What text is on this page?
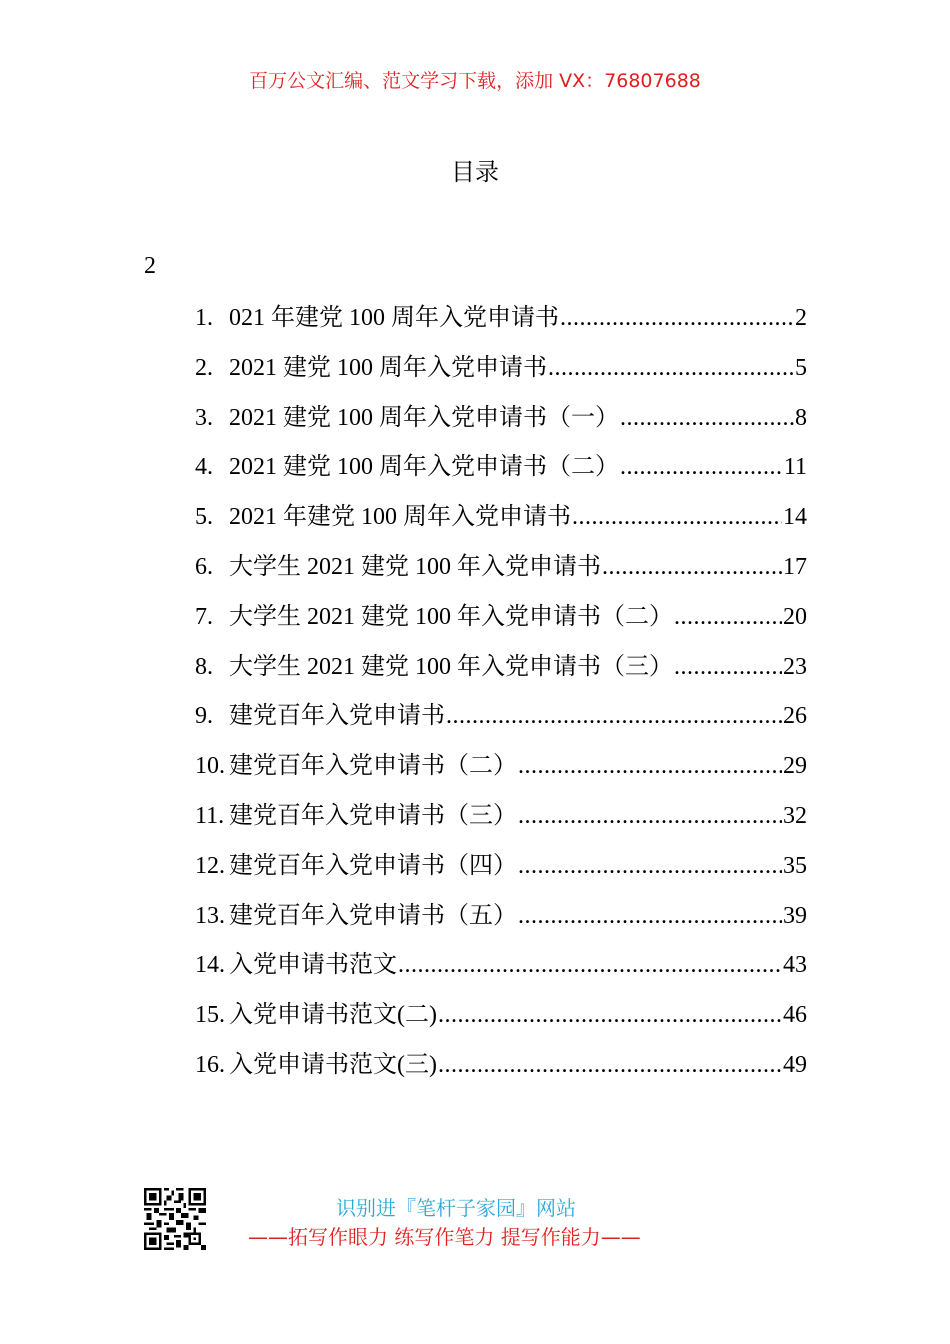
百万公文汇编、范文学习下载，添加 VX：76807688
目录
2
1. 021 年建党 100 周年入党申请书 .....	2
2. 2021 建党 100 周年入党申请书 .....	5
3. 2021 建党 100 周年入党申请书（一） .....	8
4. 2021 建党 100 周年入党申请书（二） .....	11
5. 2021 年建党 100 周年入党申请书 .....	14
6. 大学生 2021 建党 100 年入党申请书 .....	17
7. 大学生 2021 建党 100 年入党申请书（二） .....	20
8. 大学生 2021 建党 100 年入党申请书（三） .....	23
9. 建党百年入党申请书 .....	26
10. 建党百年入党申请书（二） .....	29
11. 建党百年入党申请书（三） .....	32
12. 建党百年入党申请书（四） .....	35
13. 建党百年入党申请书（五） .....	39
14. 入党申请书范文 .....	43
15. 入党申请书范文(二) .....	46
16. 入党申请书范文(三) .....	49
识别进『笔杆子家园』网站
——拓写作眼力 练写作笔力 提写作能力——
